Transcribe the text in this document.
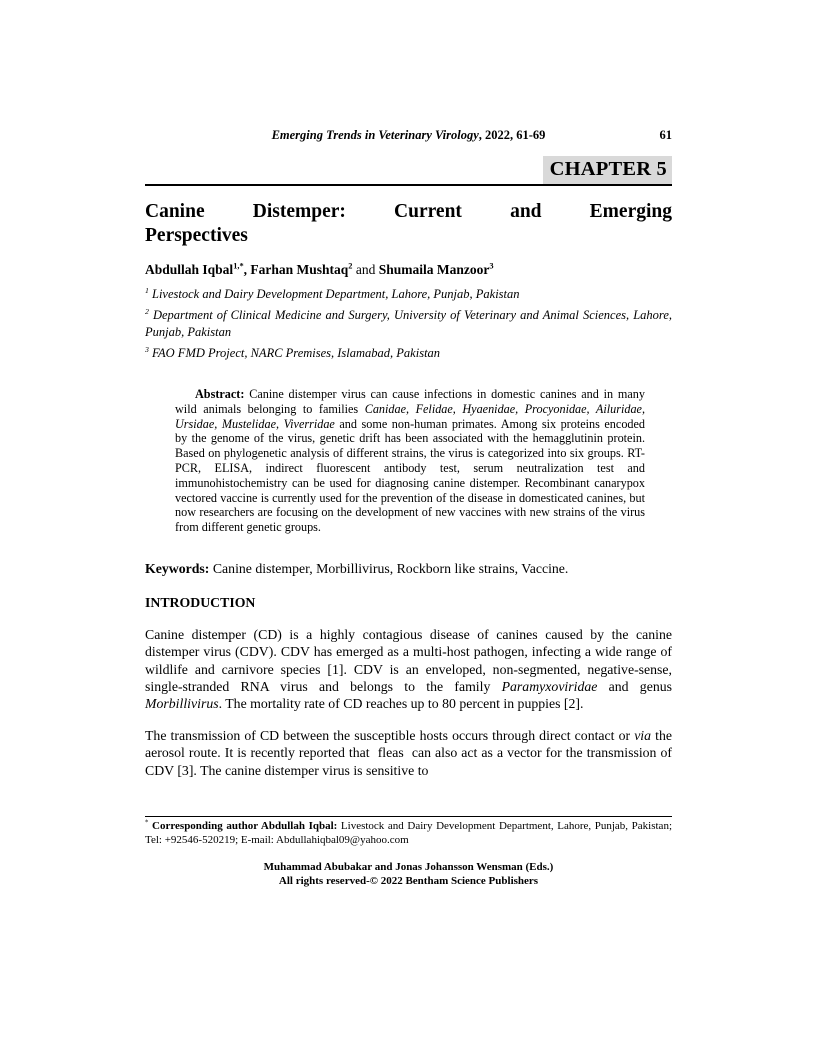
Emerging Trends in Veterinary Virology, 2022, 61-69	61
CHAPTER 5
Canine Distemper: Current and Emerging
Perspectives
Abdullah Iqbal$^{1,*}$, Farhan Mushtaq$^2$ and Shumaila Manzoor$^3$

$^1$ Livestock and Dairy Development Department, Lahore, Punjab, Pakistan

$^2$ Department of Clinical Medicine and Surgery, University of Veterinary and Animal Sciences, Lahore, Punjab, Pakistan

$^3$ FAO FMD Project, NARC Premises, Islamabad, Pakistan

Abstract: Canine distemper virus can cause infections in domestic canines and in many wild animals belonging to families Canidae, Felidae, Hyaenidae, Procyonidae, Ailuridae, Ursidae, Mustelidae, Viverridae and some non-human primates. Among six proteins encoded by the genome of the virus, genetic drift has been associated with the hemagglutinin protein. Based on phylogenetic analysis of different strains, the virus is categorized into six groups. RT-PCR, ELISA, indirect fluorescent antibody test, serum neutralization test and immunohistochemistry can be used for diagnosing canine distemper. Recombinant canarypox vectored vaccine is currently used for the prevention of the disease in domesticated canines, but now researchers are focusing on the development of new vaccines with new strains of the virus from different genetic groups.

Keywords: Canine distemper, Morbillivirus, Rockborn like strains, Vaccine.

INTRODUCTION

Canine distemper (CD) is a highly contagious disease of canines caused by the canine distemper virus (CDV). CDV has emerged as a multi-host pathogen, infecting a wide range of wildlife and carnivore species [1]. CDV is an enveloped, non-segmented, negative-sense, single-stranded RNA virus and belongs to the family Paramyxoviridae and genus Morbillivirus. The mortality rate of CD reaches up to 80 percent in puppies [2].

The transmission of CD between the susceptible hosts occurs through direct contact or via the aerosol route. It is recently reported that  fleas  can also act as a vector for the transmission of CDV [3]. The canine distemper virus is sensitive to

* Corresponding author Abdullah Iqbal: Livestock and Dairy Development Department, Lahore, Punjab, Pakistan; Tel: +92546-520219; E-mail: Abdullahiqbal09@yahoo.com

Muhammad Abubakar and Jonas Johansson Wensman (Eds.)
All rights reserved-© 2022 Bentham Science Publishers
